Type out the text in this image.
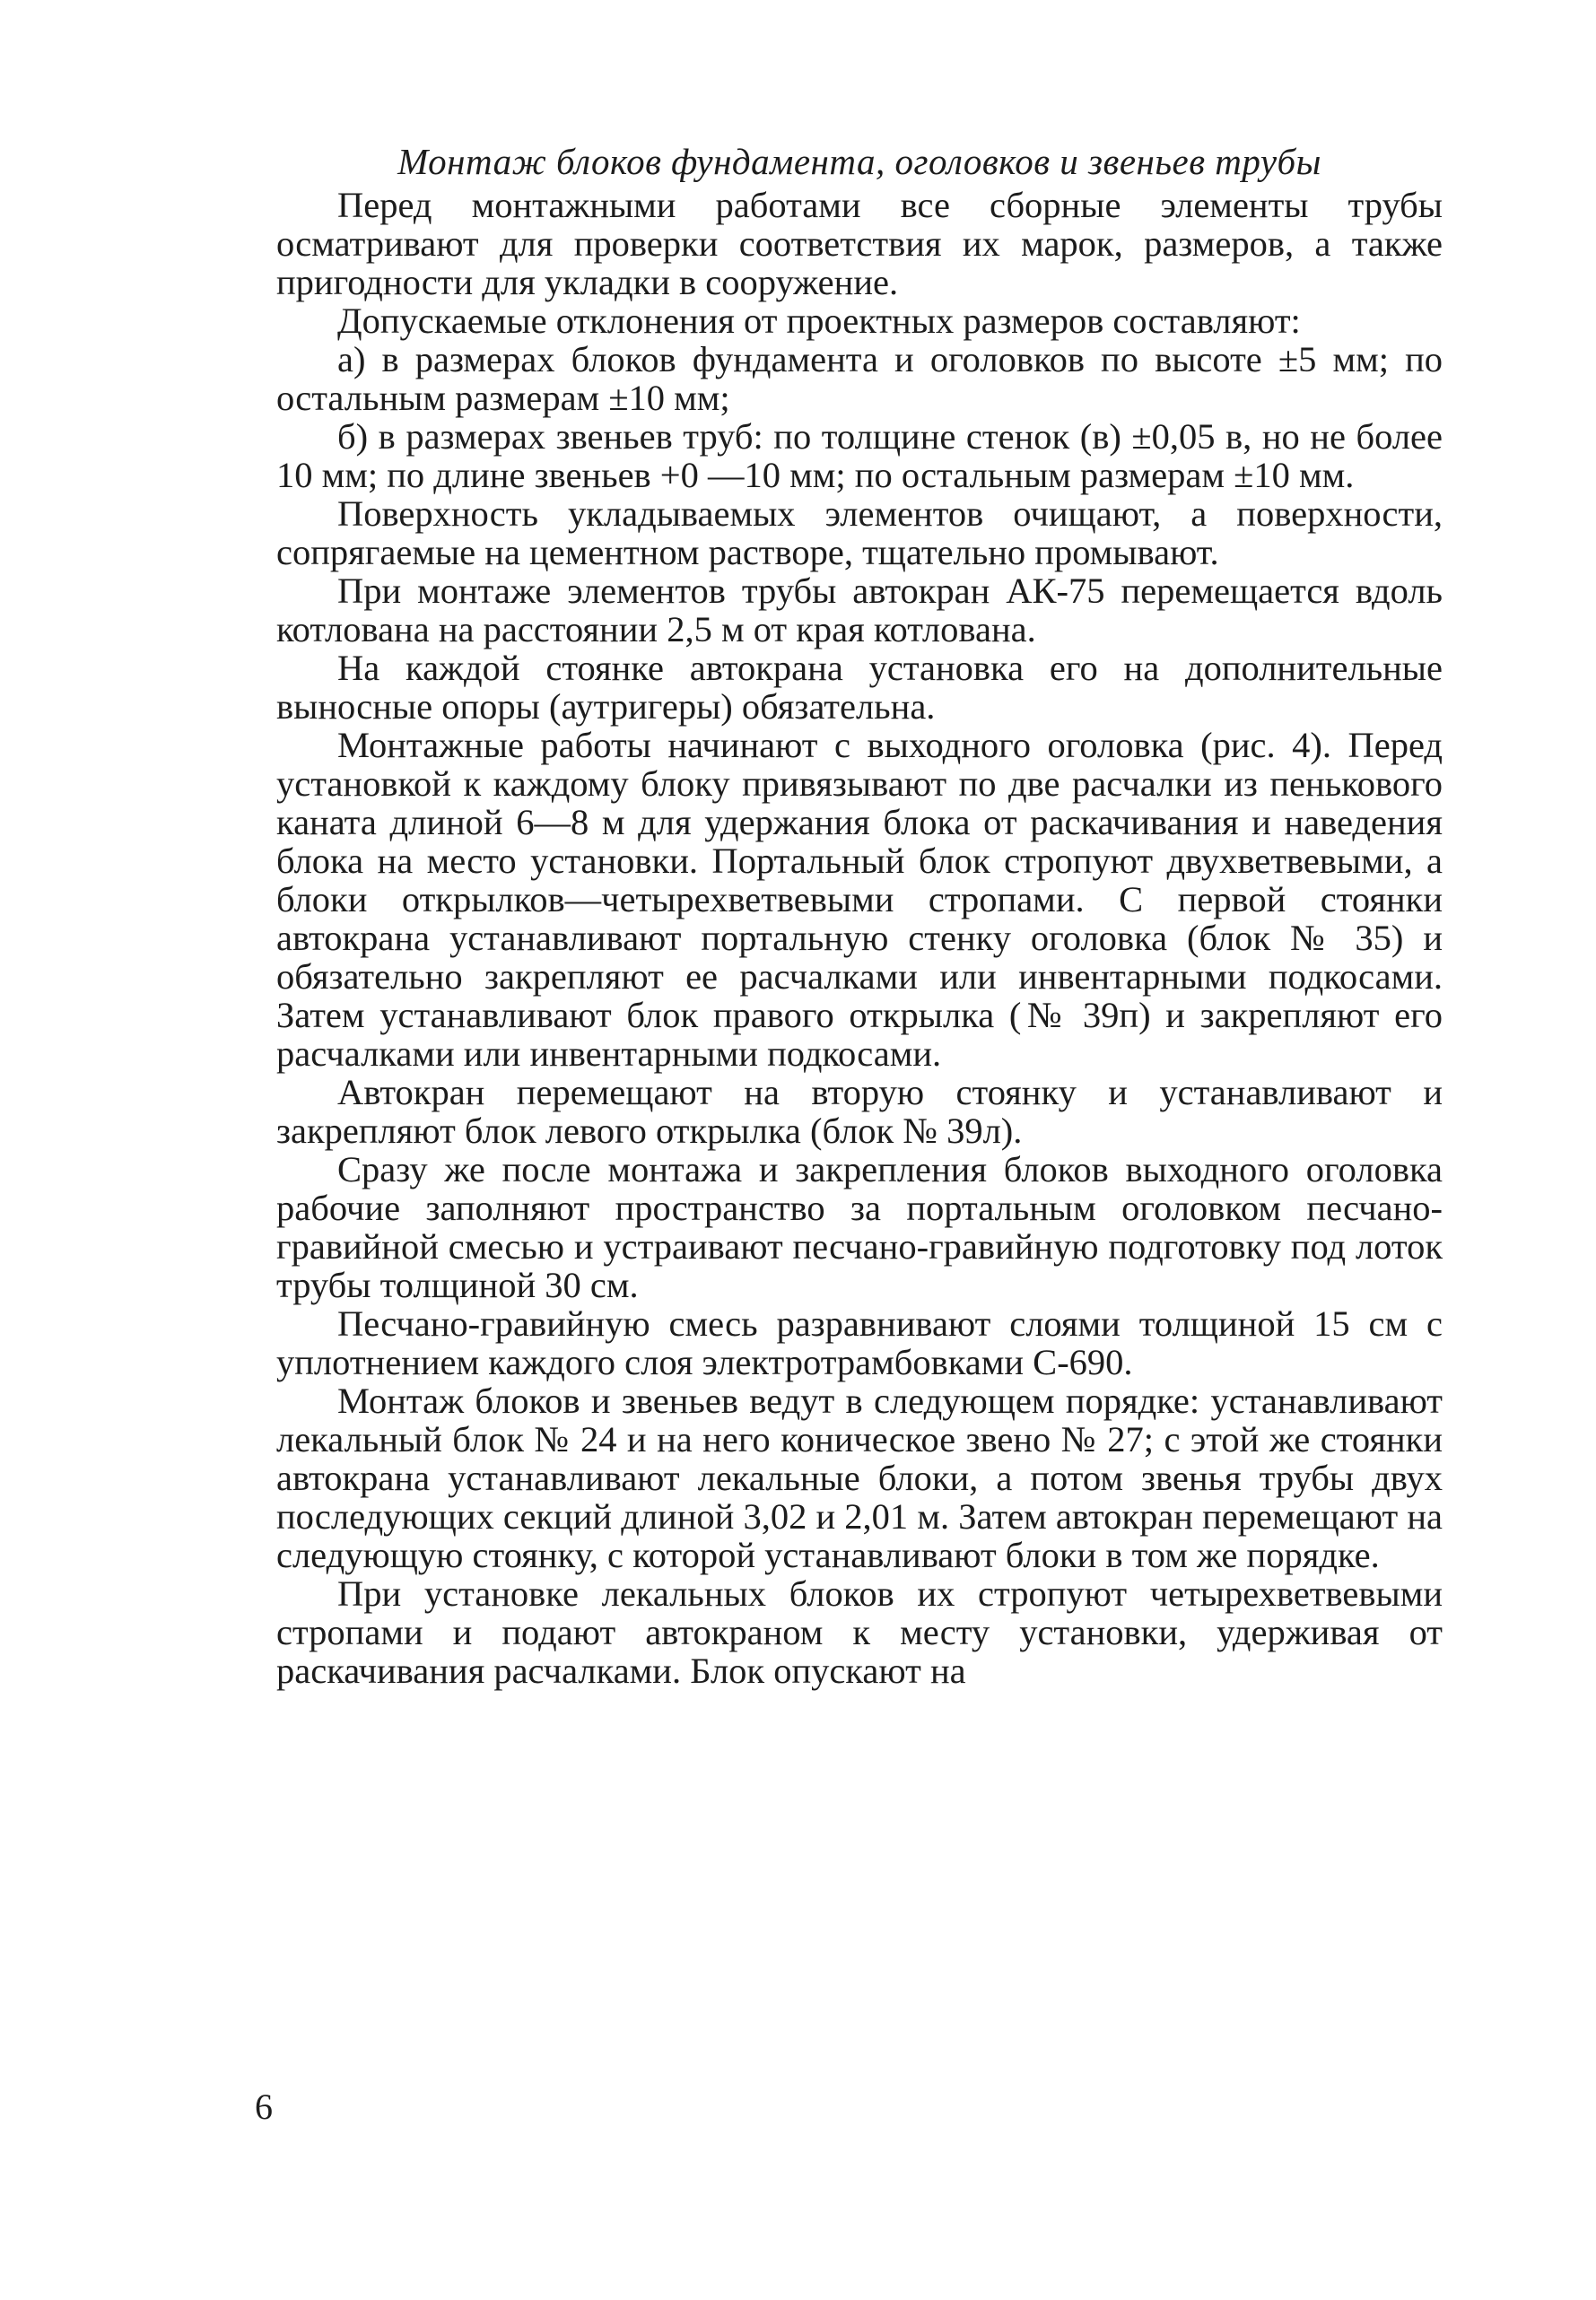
Монтаж блоков фундамента, оголовков и звеньев трубы

Перед монтажными работами все сборные элементы трубы осматривают для проверки соответствия их марок, размеров, а также пригодности для укладки в сооружение.

Допускаемые отклонения от проектных размеров составляют:

а) в размерах блоков фундамента и оголовков по высоте ±5 мм; по остальным размерам ±10 мм;

б) в размерах звеньев труб: по толщине стенок (в) ±0,05 в, но не более 10 мм; по длине звеньев +0 —10 мм; по остальным размерам ±10 мм.

Поверхность укладываемых элементов очищают, а поверхности, сопрягаемые на цементном растворе, тщательно промывают.

При монтаже элементов трубы автокран АК-75 перемещается вдоль котлована на расстоянии 2,5 м от края котлована.

На каждой стоянке автокрана установка его на дополнительные выносные опоры (аутригеры) обязательна.

Монтажные работы начинают с выходного оголовка (рис. 4). Перед установкой к каждому блоку привязывают по две расчалки из пенькового каната длиной 6—8 м для удержания блока от раскачивания и наведения блока на место установки. Портальный блок стропуют двухветвевыми, а блоки открылков—четырехветвевыми стропами. С первой стоянки автокрана устанавливают портальную стенку оголовка (блок № 35) и обязательно закрепляют ее расчалками или инвентарными подкосами. Затем устанавливают блок правого открылка (№ 39п) и закрепляют его расчалками или инвентарными подкосами.

Автокран перемещают на вторую стоянку и устанавливают и закрепляют блок левого открылка (блок № 39л).

Сразу же после монтажа и закрепления блоков выходного оголовка рабочие заполняют пространство за портальным оголовком песчано-гравийной смесью и устраивают песчано-гравийную подготовку под лоток трубы толщиной 30 см.

Песчано-гравийную смесь разравнивают слоями толщиной 15 см с уплотнением каждого слоя электротрамбовками С-690.

Монтаж блоков и звеньев ведут в следующем порядке: устанавливают лекальный блок № 24 и на него коническое звено № 27; с этой же стоянки автокрана устанавливают лекальные блоки, а потом звенья трубы двух последующих секций длиной 3,02 и 2,01 м. Затем автокран перемещают на следующую стоянку, с которой устанавливают блоки в том же порядке.

При установке лекальных блоков их стропуют четырехветвевыми стропами и подают автокраном к месту установки, удерживая от раскачивания расчалками. Блок опускают на

6
